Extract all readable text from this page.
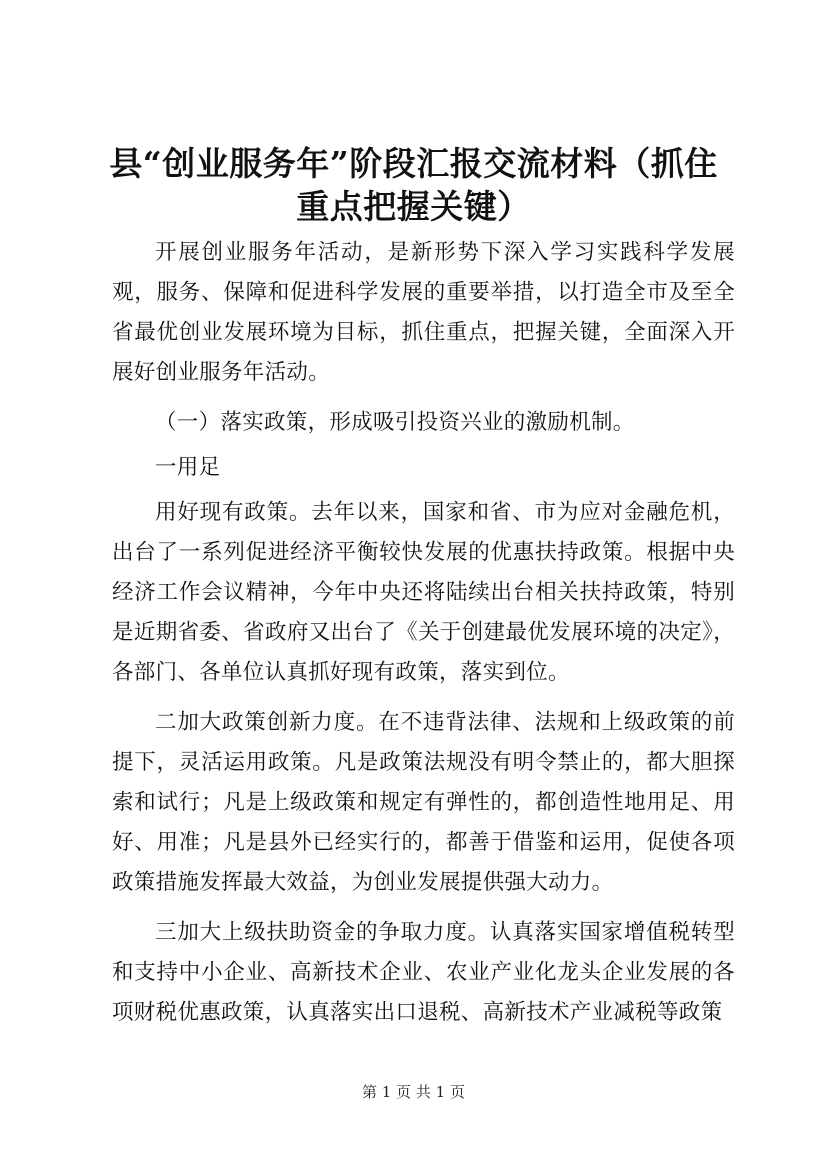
县“创业服务年”阶段汇报交流材料（抓住重点把握关键）

开展创业服务年活动，是新形势下深入学习实践科学发展观，服务、保障和促进科学发展的重要举措，以打造全市及至全省最优创业发展环境为目标，抓住重点，把握关键，全面深入开展好创业服务年活动。

（一）落实政策，形成吸引投资兴业的激励机制。

一用足

用好现有政策。去年以来，国家和省、市为应对金融危机，出台了一系列促进经济平衡较快发展的优惠扶持政策。根据中央经济工作会议精神，今年中央还将陆续出台相关扶持政策，特别是近期省委、省政府又出台了《关于创建最优发展环境的决定》，各部门、各单位认真抓好现有政策，落实到位。

二加大政策创新力度。在不违背法律、法规和上级政策的前提下，灵活运用政策。凡是政策法规没有明令禁止的，都大胆探索和试行；凡是上级政策和规定有弹性的，都创造性地用足、用好、用准；凡是县外已经实行的，都善于借鉴和运用，促使各项政策措施发挥最大效益，为创业发展提供强大动力。

三加大上级扶助资金的争取力度。认真落实国家增值税转型和支持中小企业、高新技术企业、农业产业化龙头企业发展的各项财税优惠政策，认真落实出口退税、高新技术产业减税等政策

第 1 页 共 1 页
